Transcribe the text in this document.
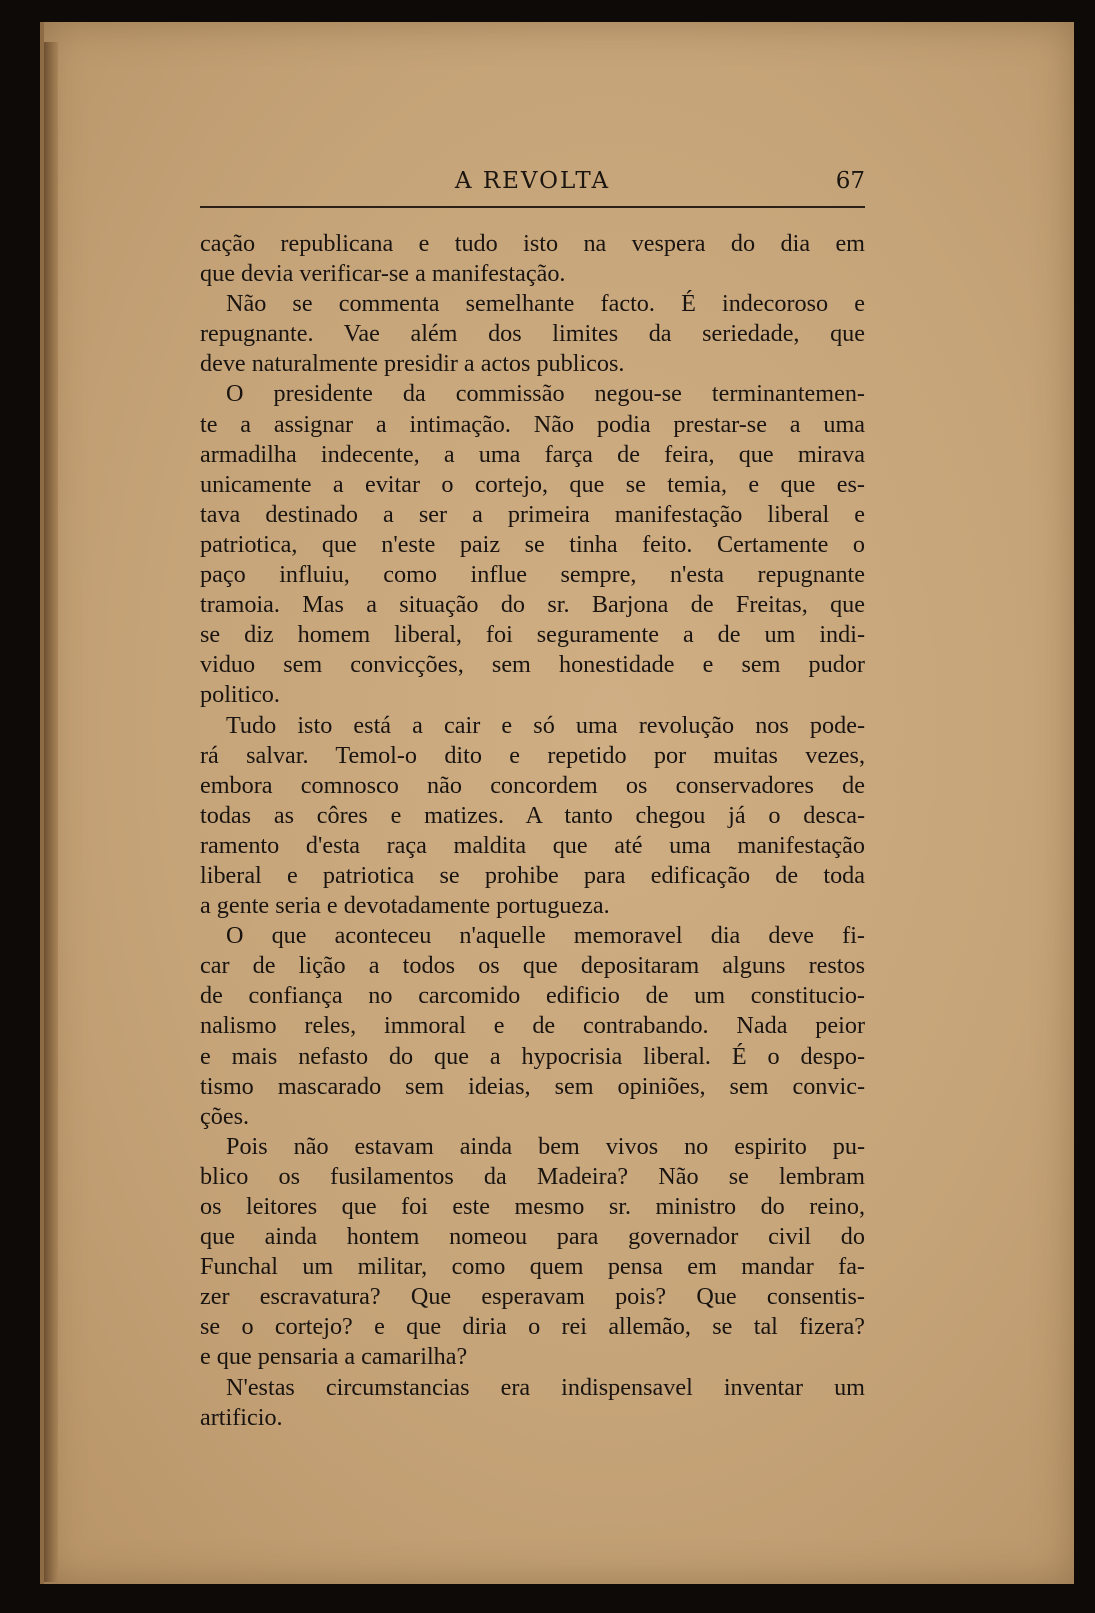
A REVOLTA	67
cação republicana e tudo isto na vespera do dia em
que devia verificar-se a manifestação.
Não se commenta semelhante facto. É indecoroso e
repugnante. Vae além dos limites da seriedade, que
deve naturalmente presidir a actos publicos.
O presidente da commissão negou-se terminantemen-
te a assignar a intimação. Não podia prestar-se a uma
armadilha indecente, a uma farça de feira, que mirava
unicamente a evitar o cortejo, que se temia, e que es-
tava destinado a ser a primeira manifestação liberal e
patriotica, que n'este paiz se tinha feito. Certamente o
paço influiu, como influe sempre, n'esta repugnante
tramoia. Mas a situação do sr. Barjona de Freitas, que
se diz homem liberal, foi seguramente a de um indi-
viduo sem convicções, sem honestidade e sem pudor
politico.
Tudo isto está a cair e só uma revolução nos pode-
rá salvar. Temol-o dito e repetido por muitas vezes,
embora comnosco não concordem os conservadores de
todas as côres e matizes. A tanto chegou já o desca-
ramento d'esta raça maldita que até uma manifestação
liberal e patriotica se prohibe para edificação de toda
a gente seria e devotadamente portugueza.
O que aconteceu n'aquelle memoravel dia deve fi-
car de lição a todos os que depositaram alguns restos
de confiança no carcomido edificio de um constitucio-
nalismo reles, immoral e de contrabando. Nada peior
e mais nefasto do que a hypocrisia liberal. É o despo-
tismo mascarado sem ideias, sem opiniões, sem convic-
ções.
Pois não estavam ainda bem vivos no espirito pu-
blico os fusilamentos da Madeira? Não se lembram
os leitores que foi este mesmo sr. ministro do reino,
que ainda hontem nomeou para governador civil do
Funchal um militar, como quem pensa em mandar fa-
zer escravatura? Que esperavam pois? Que consentis-
se o cortejo? e que diria o rei allemão, se tal fizera?
e que pensaria a camarilha?
N'estas circumstancias era indispensavel inventar um
artificio.
